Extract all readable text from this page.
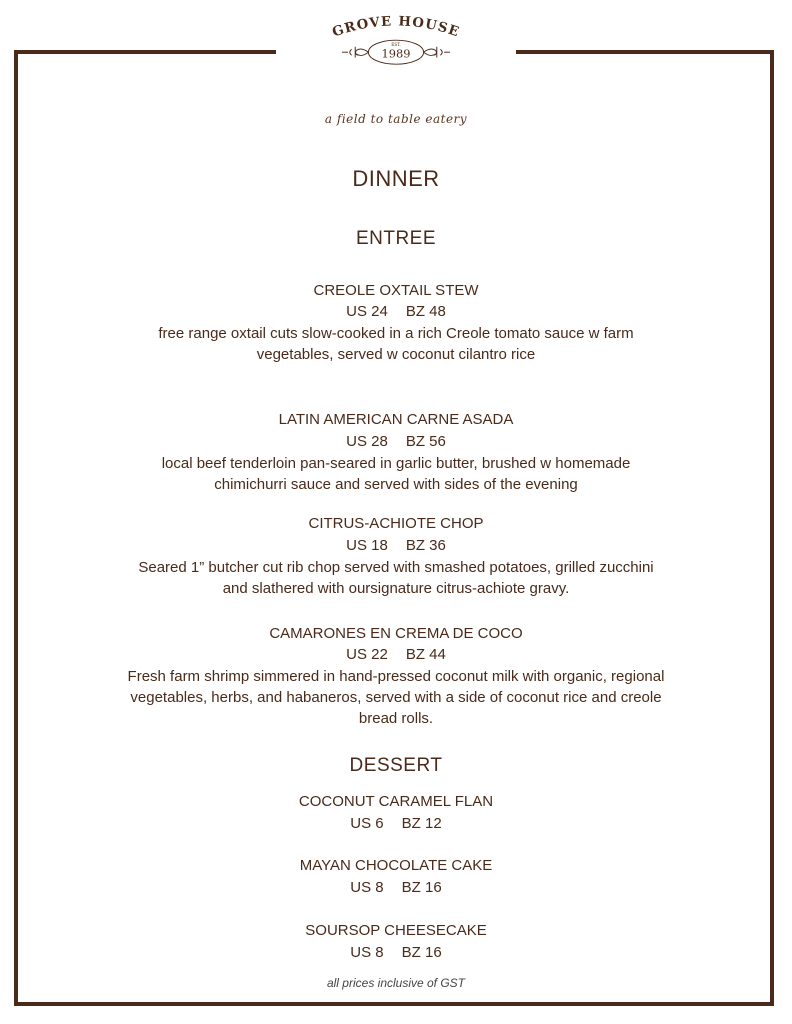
GROVE HOUSE
EST.
1989
a field to table eatery
DINNER
ENTREE
CREOLE OXTAIL STEW
US 24 BZ 48
free range oxtail cuts slow-cooked in a rich Creole tomato sauce w farm
vegetables, served w coconut cilantro rice
LATIN AMERICAN CARNE ASADA
US 28 BZ 56
local beef tenderloin pan-seared in garlic butter, brushed w homemade
chimichurri sauce and served with sides of the evening
CITRUS-ACHIOTE CHOP
US 18 BZ 36
Seared 1” butcher cut rib chop served with smashed potatoes, grilled zucchini
and slathered with oursignature citrus-achiote gravy.
CAMARONES EN CREMA DE COCO
US 22 BZ 44
Fresh farm shrimp simmered in hand-pressed coconut milk with organic, regional
vegetables, herbs, and habaneros, served with a side of coconut rice and creole
bread rolls.
DESSERT
COCONUT CARAMEL FLAN
US 6 BZ 12
MAYAN CHOCOLATE CAKE
US 8 BZ 16
SOURSOP CHEESECAKE
US 8 BZ 16
all prices inclusive of GST
